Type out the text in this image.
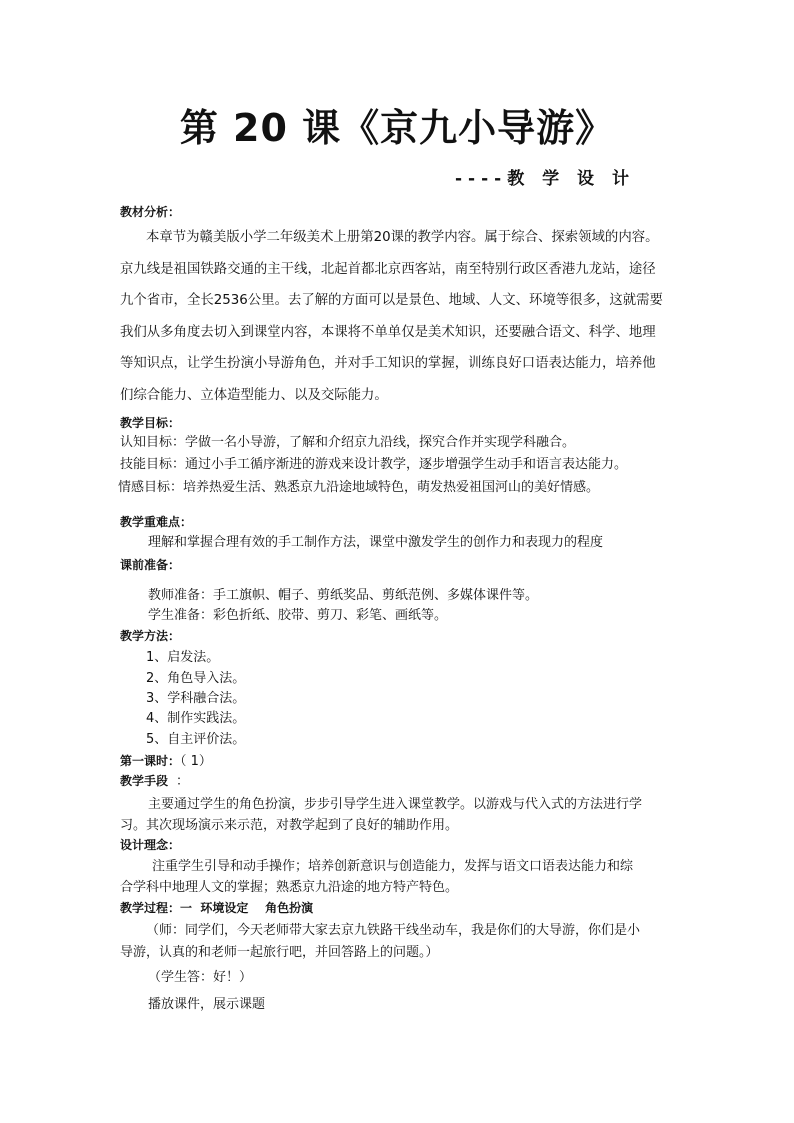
第 20 课《京九小导游》
----教 学 设 计
教材分析：
本章节为赣美版小学二年级美术上册第20课的教学内容。属于综合、探索领域的内容。
京九线是祖国铁路交通的主干线，北起首都北京西客站，南至特别行政区香港九龙站，途径
九个省市，全长2536公里。去了解的方面可以是景色、地域、人文、环境等很多，这就需要
我们从多角度去切入到课堂内容，本课将不单单仅是美术知识，还要融合语文、科学、地理
等知识点，让学生扮演小导游角色，并对手工知识的掌握，训练良好口语表达能力，培养他
们综合能力、立体造型能力、以及交际能力。
教学目标：
认知目标：学做一名小导游，了解和介绍京九沿线，探究合作并实现学科融合。
技能目标：通过小手工循序渐进的游戏来设计教学，逐步增强学生动手和语言表达能力。
情感目标：培养热爱生活、熟悉京九沿途地域特色，萌发热爱祖国河山的美好情感。
教学重难点：
理解和掌握合理有效的手工制作方法，课堂中激发学生的创作力和表现力的程度
课前准备：
教师准备：手工旗帜、帽子、剪纸奖品、剪纸范例、多媒体课件等。
学生准备：彩色折纸、胶带、剪刀、彩笔、画纸等。
教学方法：
1、启发法。
2、角色导入法。
3、学科融合法。
4、制作实践法。
5、自主评价法。
第一课时：（ 1）
教学手段 ：
主要通过学生的角色扮演，步步引导学生进入课堂教学。以游戏与代入式的方法进行学
习。其次现场演示来示范，对教学起到了良好的辅助作用。
设计理念：
注重学生引导和动手操作；培养创新意识与创造能力，发挥与语文口语表达能力和综
合学科中地理人文的掌握；熟悉京九沿途的地方特产特色。
教学过程：一  环境设定    角色扮演
（师：同学们，今天老师带大家去京九铁路干线坐动车，我是你们的大导游，你们是小
导游，认真的和老师一起旅行吧，并回答路上的问题。）
（学生答：好！）
播放课件，展示课题
